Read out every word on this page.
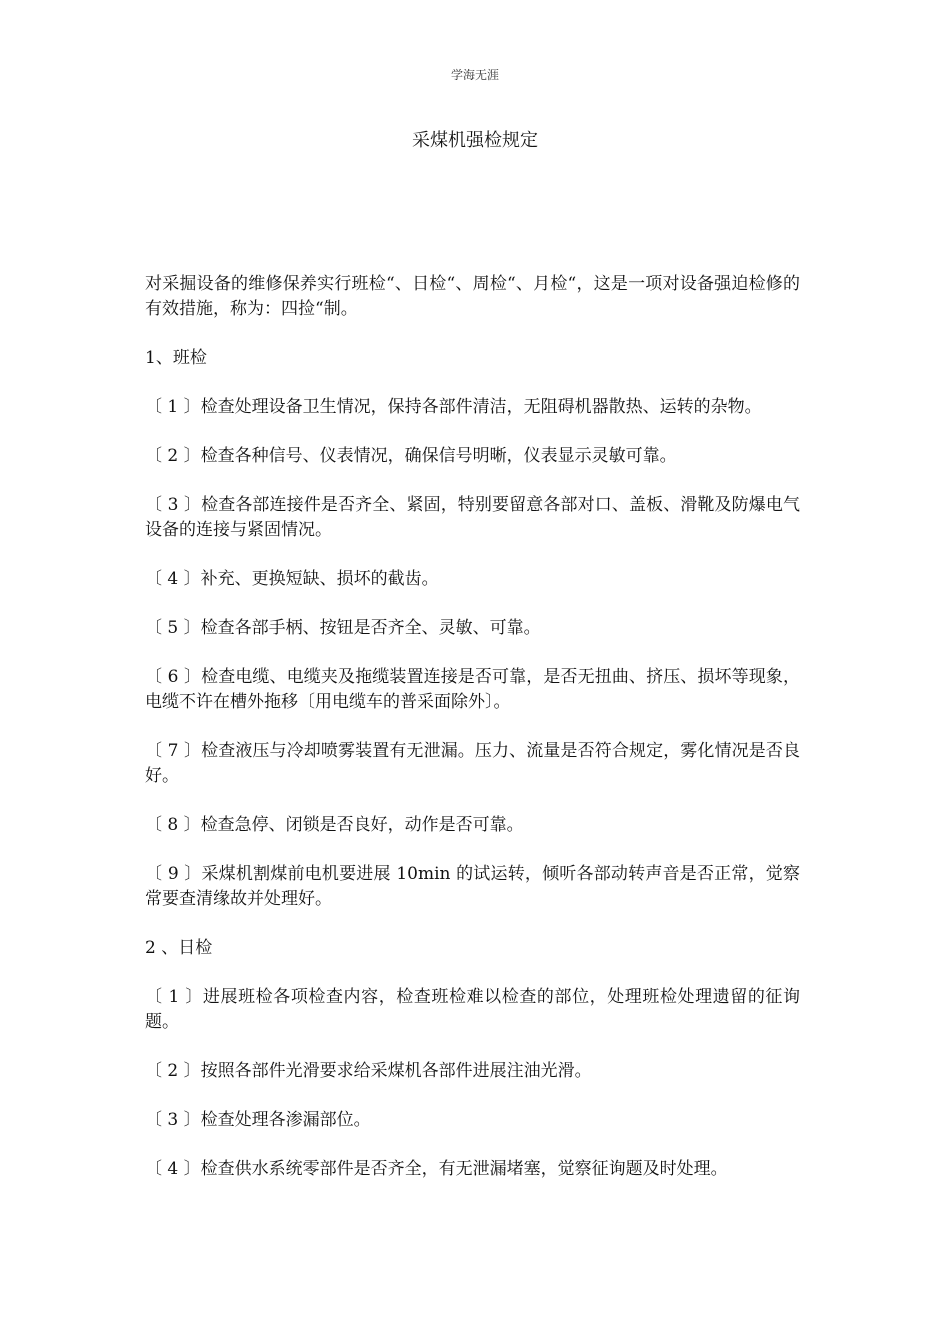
学海无涯
采煤机强检规定

对采掘设备的维修保养实行班检“、日检“、周检“、月检“，这是一项对设备强迫检修的有效措施，称为：四捡“制。

1、班检

〔 1 〕检查处理设备卫生情况，保持各部件清洁，无阻碍机器散热、运转的杂物。

〔 2 〕检查各种信号、仪表情况，确保信号明晰，仪表显示灵敏可靠。

〔 3 〕检查各部连接件是否齐全、紧固，特别要留意各部对口、盖板、滑靴及防爆电气设备的连接与紧固情况。

〔 4 〕补充、更换短缺、损坏的截齿。

〔 5 〕检查各部手柄、按钮是否齐全、灵敏、可靠。

〔 6 〕检查电缆、电缆夹及拖缆装置连接是否可靠，是否无扭曲、挤压、损坏等现象，电缆不许在槽外拖移〔用电缆车的普采面除外〕。

〔 7 〕检查液压与冷却喷雾装置有无泄漏。压力、流量是否符合规定，雾化情况是否良好。

〔 8 〕检查急停、闭锁是否良好，动作是否可靠。

〔 9 〕采煤机割煤前电机要进展 10min 的试运转，倾听各部动转声音是否正常，觉察常要查清缘故并处理好。

2 、日检

〔 1 〕进展班检各项检查内容，检查班检难以检查的部位，处理班检处理遗留的征询题。

〔 2 〕按照各部件光滑要求给采煤机各部件进展注油光滑。

〔 3 〕检查处理各渗漏部位。

〔 4 〕检查供水系统零部件是否齐全，有无泄漏堵塞，觉察征询题及时处理。
